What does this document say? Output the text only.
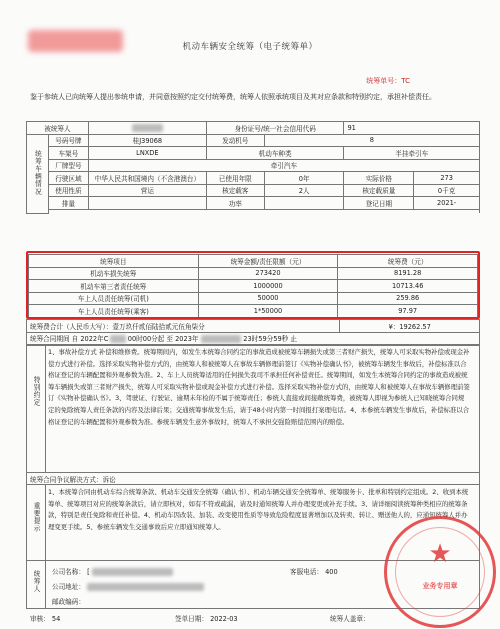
机动车辆安全统筹（电子统筹单）
统筹单号：TC
鉴于参统人已向统筹人提出参统申请，并同意按照约定交付统筹费，统筹人依照承统项目及其对应条款和特别约定，承担补偿责任。
被统筹人			身份证号/统一社会信用代码		91	
统筹车辆情况	号码号牌	桂J39068	发动机号	8		
	车架号	LNXDE	机动车种类		半挂牵引车	
	厂牌型号	牵引汽车				
	行驶区域	中华人民共和国境内（不含港澳台）	已使用年限	0年	实际价格	273
	使用性质	营运	核定载客	2人	核定载质量	0千克
	排量		功率		登记日期	2021-

统筹项目	统筹金额/责任限额（元）	统筹费（元）
机动车损失统筹	273420	8191.28
机动车第三者责任统筹	1000000	10713.46
车上人员责任统筹(司机)	50000	259.86
车上人员责任统筹(乘客)	1*50000	97.97
统筹费合计（人民币大写）：壹万玖仟贰佰陆拾贰元伍角柒分	¥：19262.57
统筹合同期间 自 2022年C	00时00分起 至 2023年	23时59分59秒 止
特别约定
1、事故补偿方式 补偿和维修费。统筹期间内，如发生本统筹合同约定的事故造成被统筹车辆损失或第三者财产损失，统筹人可采取实物补偿或现金补偿方式进行补偿。选择采取实物补偿方式的，由统筹人和被统筹人在事故车辆修理前签订《实物补偿确认书》，被统筹车辆发生事故后，补偿标准以合格证登记的车辆配置和外观参数为准。2、车上人员统筹适用的任何损失我司不承担任何补偿责任。统筹期间，如发生本统筹合同约定的事故造成被统筹车辆损失或第三者财产损失，统筹人可采取实物补偿或现金补偿方式进行补偿。选择采取实物补偿方式的，由统筹人和被统筹人在事故车辆修理前签订《实物补偿确认书》。3、驾驶证、行驶证、逾期未年检的不属于统筹责任；参统人直接或间接敞统筹费，被统筹人即视为参统人已知晓统筹合同规定的免除统筹人责任条款的内容及法律后果；交通统筹事故发生后，请于48小时内第一时间报打案理电话。4、本参统车辆发生事故后，补偿标准以合格证登记的车辆配置和外观参数为准。参统车辆发生意外事故时，统筹人不承担交强险赔偿范围内的赔偿。
统筹合同争议解决方式：诉讼
重要提示
1、本统筹合同由机动车综合统筹条款、机动车交通安全统筹（确认书）、机动车辆交通安全统筹单、统筹服务卡、批单和特别约定组成。2、收到本统筹单、统筹项目对应的统筹条款后，请立即核对，如有不符或疏漏，请及时通知统筹人并办理变更或补充手续。3、请详细阅读统筹种类相应的统筹条款，特别是责任免除和责任补偿。4、机动车因改装、加装、改变使用性质等导致危险程度显著增加以及转卖、转让、赠送他人的，应通知统筹人并办理变更手续。5、参统车辆发生交通事故后应立即通知统筹人。
统筹人	公司名称： [	客服电话： 400
公司地址：
邮政编码：
审核： 54	签单日期： 2022-03	统筹人盖章：
★
业务专用章
